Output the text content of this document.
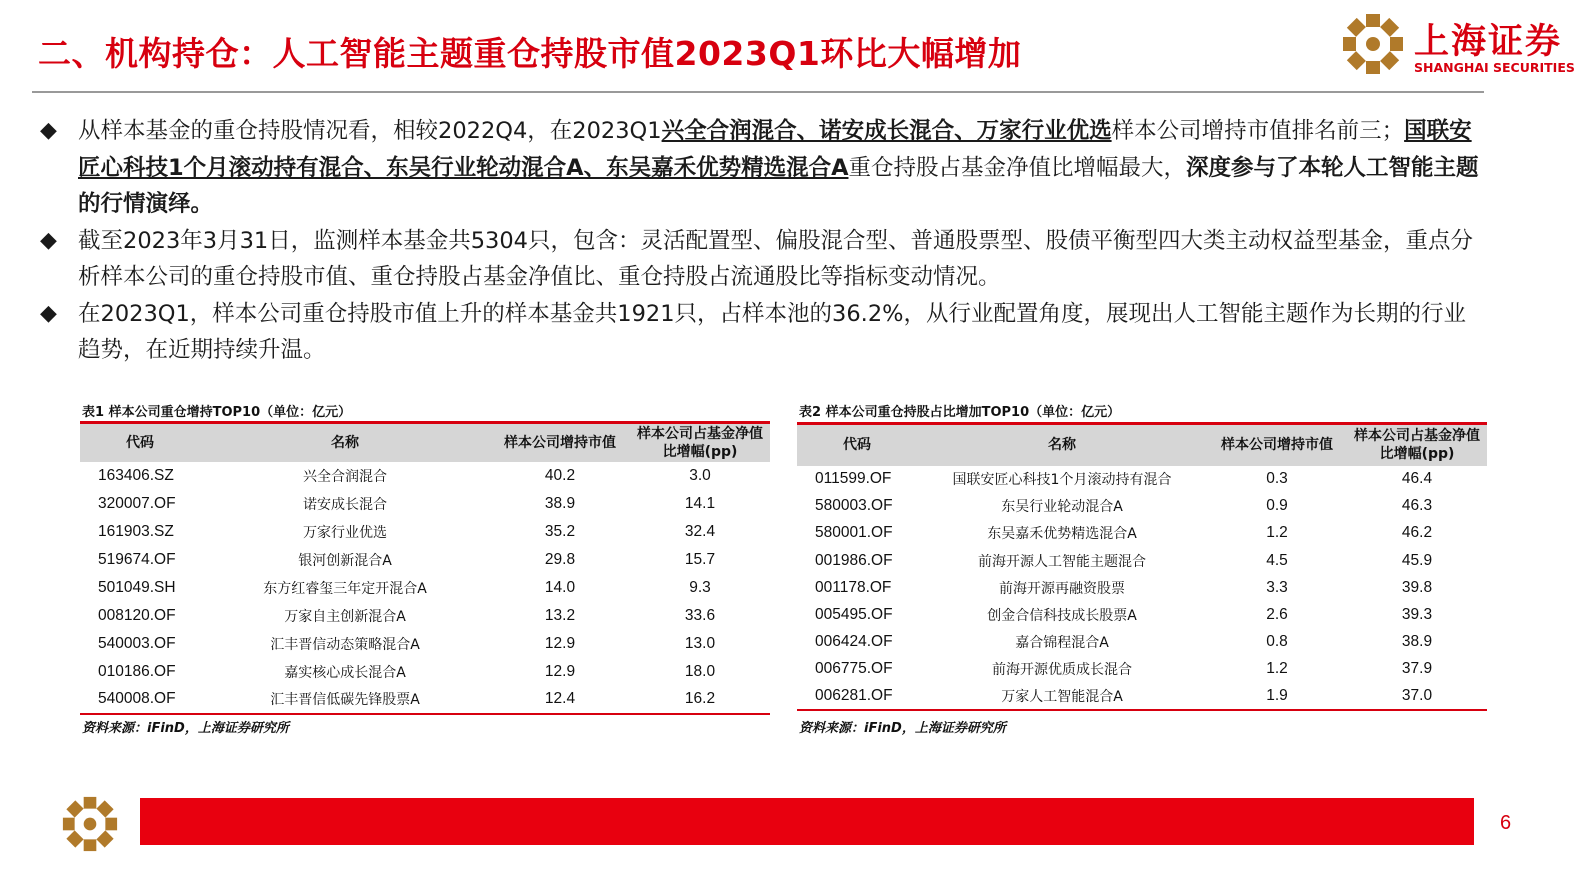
二、机构持仓：人工智能主题重仓持股市值2023Q1环比大幅增加	上海证券
SHANGHAI SECURITIES
◆ 从样本基金的重仓持股情况看，相较2022Q4，在2023Q1兴全合润混合、诺安成长混合、万家行业优选样本公司增持市值排名前三；国联安匠心科技1个月滚动持有混合、东吴行业轮动混合A、东吴嘉禾优势精选混合A重仓持股占基金净值比增幅最大，深度参与了本轮人工智能主题的行情演绎。
◆ 截至2023年3月31日，监测样本基金共5304只，包含：灵活配置型、偏股混合型、普通股票型、股债平衡型四大类主动权益型基金，重点分析样本公司的重仓持股市值、重仓持股占基金净值比、重仓持股占流通股比等指标变动情况。
◆ 在2023Q1，样本公司重仓持股市值上升的样本基金共1921只，占样本池的36.2%，从行业配置角度，展现出人工智能主题作为长期的行业趋势，在近期持续升温。
表1 样本公司重仓增持TOP10（单位：亿元）
代码	名称	样本公司增持市值	样本公司占基金净值比增幅(pp)
163406.SZ	兴全合润混合	40.2	3.0
320007.OF	诺安成长混合	38.9	14.1
161903.SZ	万家行业优选	35.2	32.4
519674.OF	银河创新混合A	29.8	15.7
501049.SH	东方红睿玺三年定开混合A	14.0	9.3
008120.OF	万家自主创新混合A	13.2	33.6
540003.OF	汇丰晋信动态策略混合A	12.9	13.0
010186.OF	嘉实核心成长混合A	12.9	18.0
540008.OF	汇丰晋信低碳先锋股票A	12.4	16.2
资料来源：iFinD，上海证券研究所
表2 样本公司重仓持股占比增加TOP10（单位：亿元）
代码	名称	样本公司增持市值	样本公司占基金净值比增幅(pp)
011599.OF	国联安匠心科技1个月滚动持有混合	0.3	46.4
580003.OF	东吴行业轮动混合A	0.9	46.3
580001.OF	东吴嘉禾优势精选混合A	1.2	46.2
001986.OF	前海开源人工智能主题混合	4.5	45.9
001178.OF	前海开源再融资股票	3.3	39.8
005495.OF	创金合信科技成长股票A	2.6	39.3
006424.OF	嘉合锦程混合A	0.8	38.9
006775.OF	前海开源优质成长混合	1.2	37.9
006281.OF	万家人工智能混合A	1.9	37.0
资料来源：iFinD，上海证券研究所
6
